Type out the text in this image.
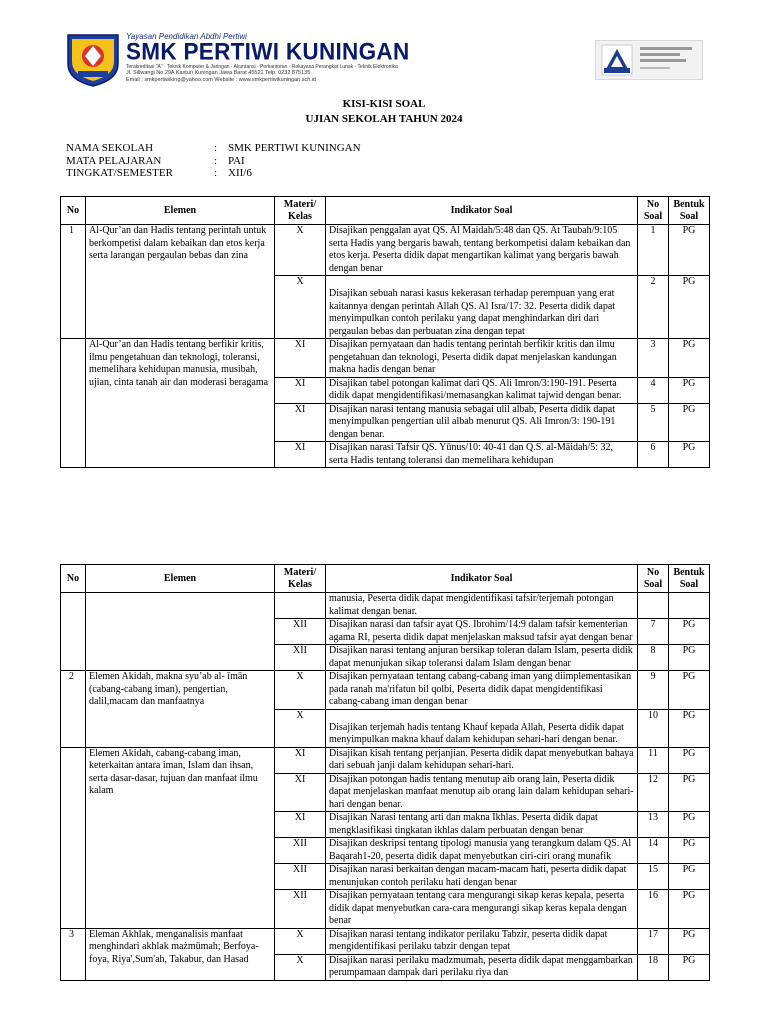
Yayasan Pendidikan Abdhi Pertiwi
SMK PERTIWI KUNINGAN
Terakreditasi "A" · Teknik Komputer & Jaringan · Akuntansi · Perkantoran · Rekayasa Perangkat Lunak · Teknik Elektronika
Jl. Siliwangi No.29A Kasturi Kuningan Jawa Barat 45521 Telp. 0232 875135
Email : smkpertiwiking@yahoo.com Website : www.smkpertiwikuningan.sch.id
KISI-KISI SOAL
UJIAN SEKOLAH TAHUN 2024
NAMA SEKOLAH	: SMK PERTIWI KUNINGAN
MATA PELAJARAN	: PAI
TINGKAT/SEMESTER	: XII/6
No	Elemen	Materi/ Kelas	Indikator Soal	No Soal	Bentuk Soal
1	Al-Qur’an dan Hadis tentang perintah untuk berkompetisi dalam kebaikan dan etos kerja serta larangan pergaulan bebas dan zina	X	Disajikan penggalan ayat QS. Al Maidah/5:48 dan QS. At Taubah/9:105 serta Hadis yang bergaris bawah, tentang berkompetisi dalam kebaikan dan etos kerja. Peserta didik dapat mengartikan kalimat yang bergaris bawah dengan benar	1	PG
		X	Disajikan sebuah narasi kasus kekerasan terhadap perempuan yang erat kaitannya dengan perintah Allah QS. Al Isra/17: 32. Peserta didik dapat menyimpulkan contoh perilaku yang dapat menghindarkan diri dari pergaulan bebas dan perbuatan zina dengan tepat	2	PG
	Al-Qur’an dan Hadis tentang berfikir kritis, ilmu pengetahuan dan teknologi, toleransi, memelihara kehidupan manusia, musibah, ujian, cinta tanah air dan moderasi beragama	XI	Disajikan pernyataan dan hadis tentang perintah berfikir kritis dan ilmu pengetahuan dan teknologi, Peserta didik dapat menjelaskan kandungan makna hadis dengan benar	3	PG
		XI	Disajikan tabel potongan kalimat dari QS. Ali Imron/3:190-191. Peserta didik dapat mengidentifikasi/memasangkan kalimat tajwid dengan benar.	4	PG
		XI	Disajikan narasi tentang manusia sebagai ulil albab, Peserta didik dapat menyimpulkan pengertian ulil albab menurut QS. Ali Imron/3: 190-191 dengan benar.	5	PG
		XI	Disajikan narasi Tafsir QS. Yūnus/10: 40-41 dan Q.S. al-Māidah/5: 32, serta Hadis tentang toleransi dan memelihara kehidupan	6	PG
No	Elemen	Materi/ Kelas	Indikator Soal	No Soal	Bentuk Soal
			manusia, Peserta didik dapat mengidentifikasi tafsir/terjemah potongan kalimat dengan benar.		
		XII	Disajikan narasi dan tafsir ayat QS. Ibrohim/14:9 dalam tafsir kementerian agama RI, peserta didik dapat menjelaskan maksud tafsir ayat dengan benar	7	PG
		XII	Disajikan narasi tentang anjuran bersikap toleran dalam Islam, peserta didik dapat menunjukan sikap toleransi dalam Islam dengan benar	8	PG
2	Elemen Akidah, makna syu’ab al- īmān (cabang-cabang iman), pengertian, dalil,macam dan manfaatnya	X	Disajikan pernyataan tentang cabang-cabang iman yang diimplementasikan pada ranah ma'rifatun bil qolbi, Peserta didik dapat mengidentifikasi cabang-cabang iman dengan benar	9	PG
		X	Disajikan terjemah hadis tentang Khauf kepada Allah, Peserta didik dapat menyimpulkan makna khauf dalam kehidupan sehari-hari dengan benar.	10	PG
	Elemen Akidah, cabang-cabang iman, keterkaitan antara iman, Islam dan ihsan, serta dasar-dasar, tujuan dan manfaat ilmu kalam	XI	Disajikan kisah tentang perjanjian. Peserta didik dapat menyebutkan bahaya dari sebuah janji dalam kehidupan sehari-hari.	11	PG
		XI	Disajikan potongan hadis tentang menutup aib orang lain, Peserta didik dapat menjelaskan manfaat menutup aib orang lain dalam kehidupan sehari-hari dengan benar.	12	PG
		XI	Disajikan Narasi tentang arti dan makna Ikhlas. Peserta didik dapat mengklasifikasi tingkatan ikhlas dalam perbuatan dengan benar	13	PG
		XII	Disajikan deskripsi tentang tipologi manusia yang terangkum dalam QS. Al Baqarah1-20, peserta didik dapat menyebutkan ciri-ciri orang munafik	14	PG
		XII	Disajikan narasi berkaitan dengan macam-macam hati, peserta didik dapat menunjukan contoh perilaku hati dengan benar	15	PG
		XII	Disajikan pernyataan tentang cara mengurangi sikap keras kepala, peserta didik dapat menyebutkan cara-cara mengurangi sikap keras kepala dengan benar	16	PG
3	Eleman Akhlak, menganalisis manfaat menghindari akhlak mażmūmah; Berfoya-foya, Riya',Sum'ah, Takabur, dan Hasad	X	Disajikan narasi tentang indikator perilaku Tabzir, peserta didik dapat mengidentifikasi perilaku tabzir dengan tepat	17	PG
		X	Disajikan narasi perilaku madzmumah, peserta didik dapat menggambarkan perumpamaan dampak dari perilaku riya dan	18	PG
